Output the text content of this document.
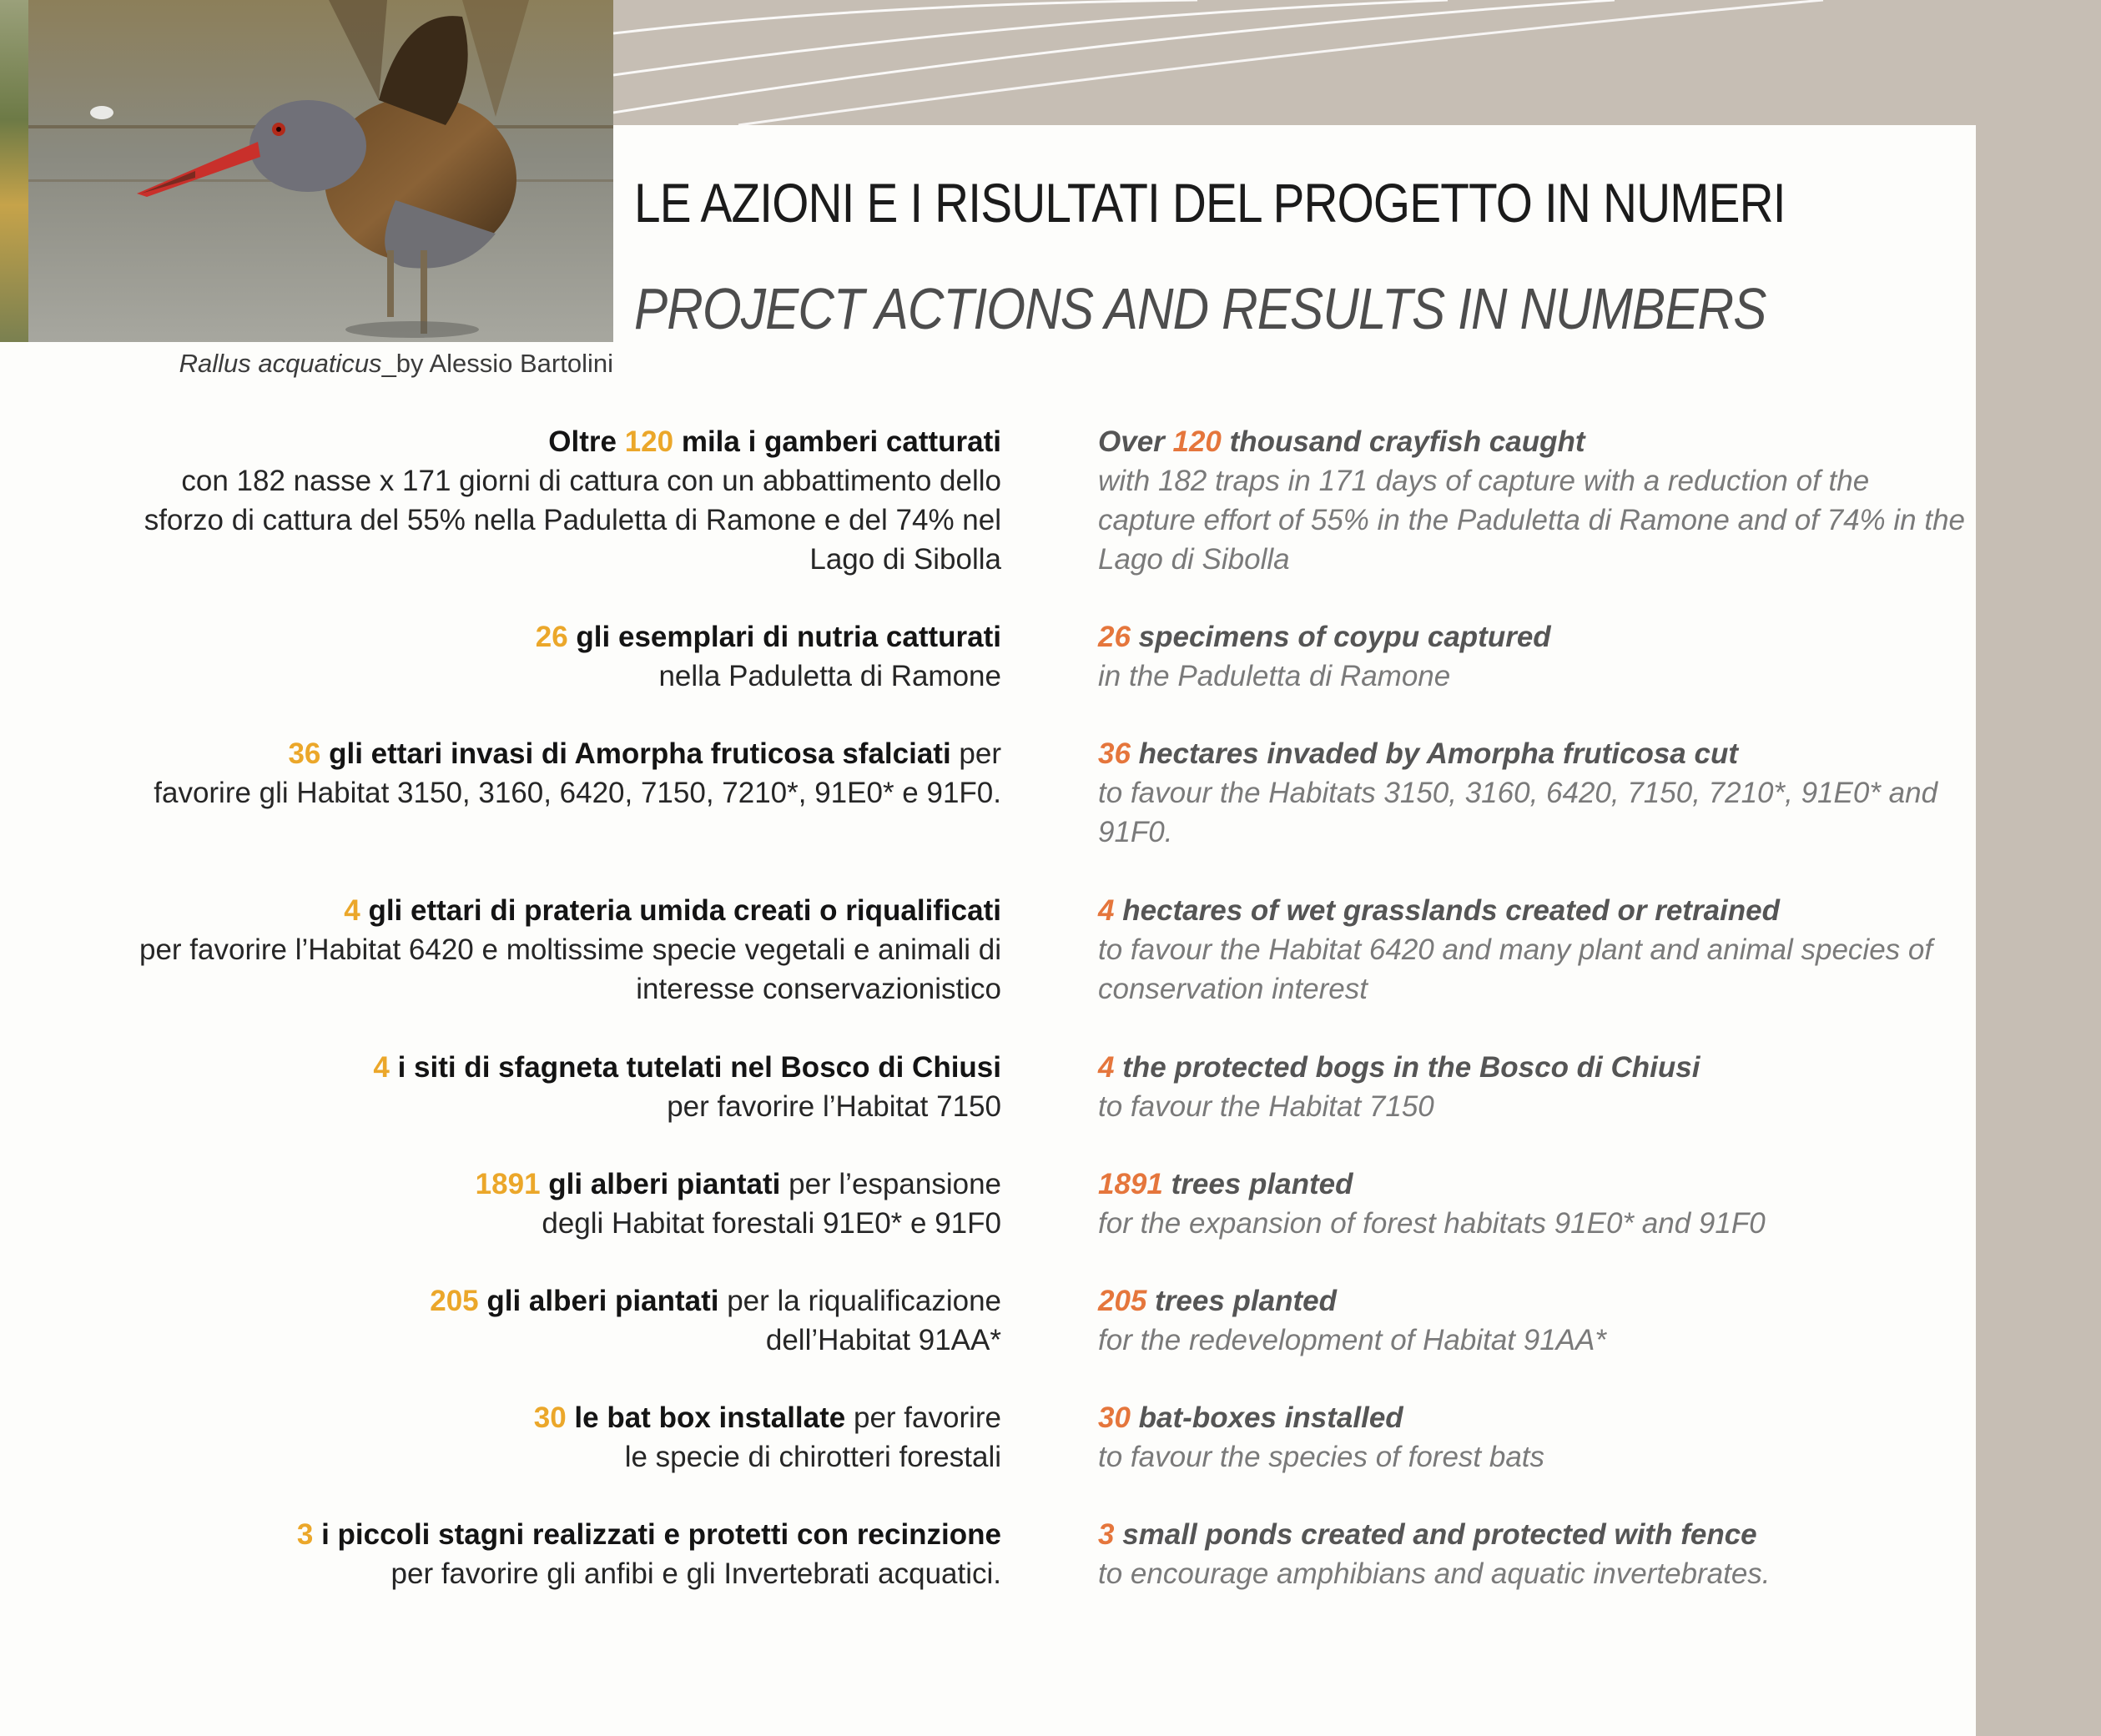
Rallus acquaticus_by Alessio Bartolini
LE AZIONI E I RISULTATI DEL PROGETTO IN NUMERI
PROJECT ACTIONS AND RESULTS IN NUMBERS
Oltre 120 mila i gamberi catturati
con 182 nasse x 171 giorni di cattura con un abbattimento dello sforzo di cattura del 55% nella Paduletta di Ramone e del 74% nel Lago di Sibolla
26 gli esemplari di nutria catturati
nella Paduletta di Ramone
36 gli ettari invasi di Amorpha fruticosa sfalciati per
favorire gli Habitat 3150, 3160, 6420, 7150, 7210*, 91E0* e 91F0.
4 gli ettari di prateria umida creati o riqualificati
per favorire l’Habitat 6420 e moltissime specie vegetali e animali di interesse conservazionistico
4 i siti di sfagneta tutelati nel Bosco di Chiusi
per favorire l’Habitat 7150
1891 gli alberi piantati per l’espansione
degli Habitat forestali 91E0* e 91F0
205 gli alberi piantati per la riqualificazione
dell’Habitat 91AA*
30 le bat box installate per favorire
le specie di chirotteri forestali
3 i piccoli stagni realizzati e protetti con recinzione
per favorire gli anfibi e gli Invertebrati acquatici.
Over 120 thousand crayfish caught
with 182 traps in 171 days of capture with a reduction of the capture effort of 55% in the Paduletta di Ramone and of 74% in the Lago di Sibolla
26 specimens of coypu captured
in the Paduletta di Ramone
36 hectares invaded by Amorpha fruticosa cut
to favour the Habitats 3150, 3160, 6420, 7150, 7210*, 91E0* and 91F0.
4 hectares of wet grasslands created or retrained
to favour the Habitat 6420 and many plant and animal species of conservation interest
4 the protected bogs in the Bosco di Chiusi
to favour the Habitat 7150
1891 trees planted
for the expansion of forest habitats 91E0* and 91F0
205 trees planted
for the redevelopment of Habitat 91AA*
30 bat-boxes installed
to favour the species of forest bats
3 small ponds created and protected with fence
to encourage amphibians and aquatic invertebrates.
